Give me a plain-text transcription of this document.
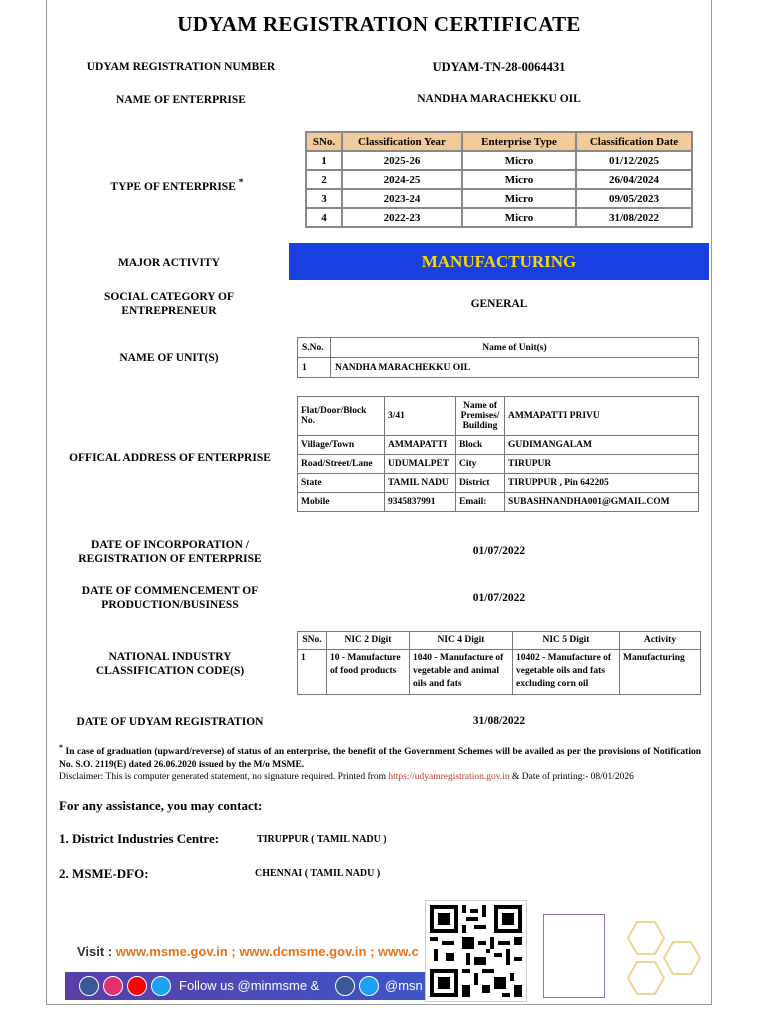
UDYAM REGISTRATION CERTIFICATE
UDYAM REGISTRATION NUMBER	UDYAM-TN-28-0064431
NAME OF ENTERPRISE	NANDHA MARACHEKKU OIL
TYPE OF ENTERPRISE *
SNo.	Classification Year	Enterprise Type	Classification Date
1	2025-26	Micro	01/12/2025
2	2024-25	Micro	26/04/2024
3	2023-24	Micro	09/05/2023
4	2022-23	Micro	31/08/2022
MAJOR ACTIVITY	MANUFACTURING
SOCIAL CATEGORY OF
ENTREPRENEUR
GENERAL
NAME OF UNIT(S)
S.No.	Name of Unit(s)
1	NANDHA MARACHEKKU OIL
OFFICAL ADDRESS OF ENTERPRISE
Flat/Door/Block No.	3/41	Name of Premises/ Building	AMMAPATTI PRIVU
Village/Town	AMMAPATTI	Block	GUDIMANGALAM
Road/Street/Lane	UDUMALPET	City	TIRUPUR
State	TAMIL NADU	District	TIRUPPUR , Pin 642205
Mobile	9345837991	Email:	SUBASHNANDHA001@GMAIL.COM
DATE OF INCORPORATION /
REGISTRATION OF ENTERPRISE
01/07/2022
DATE OF COMMENCEMENT OF
PRODUCTION/BUSINESS
01/07/2022
NATIONAL INDUSTRY
CLASSIFICATION CODE(S)
SNo.	NIC 2 Digit	NIC 4 Digit	NIC 5 Digit	Activity
1	10 - Manufacture of food products	1040 - Manufacture of vegetable and animal oils and fats	10402 - Manufacture of vegetable oils and fats excluding corn oil	Manufacturing
DATE OF UDYAM REGISTRATION	31/08/2022
* In case of graduation (upward/reverse) of status of an enterprise, the benefit of the Government Schemes will be availed as per the provisions of Notification No. S.O. 2119(E) dated 26.06.2020 issued by the M/o MSME.
Disclaimer: This is computer generated statement, no signature required. Printed from https://udyamregistration.gov.in & Date of printing:- 08/01/2026
For any assistance, you may contact:
1. District Industries Centre:	TIRUPPUR ( TAMIL NADU )
2. MSME-DFO:	CHENNAI ( TAMIL NADU )
Visit : www.msme.gov.in ; www.dcmsme.gov.in ; www.c
Follow us @minmsme &	@msn
